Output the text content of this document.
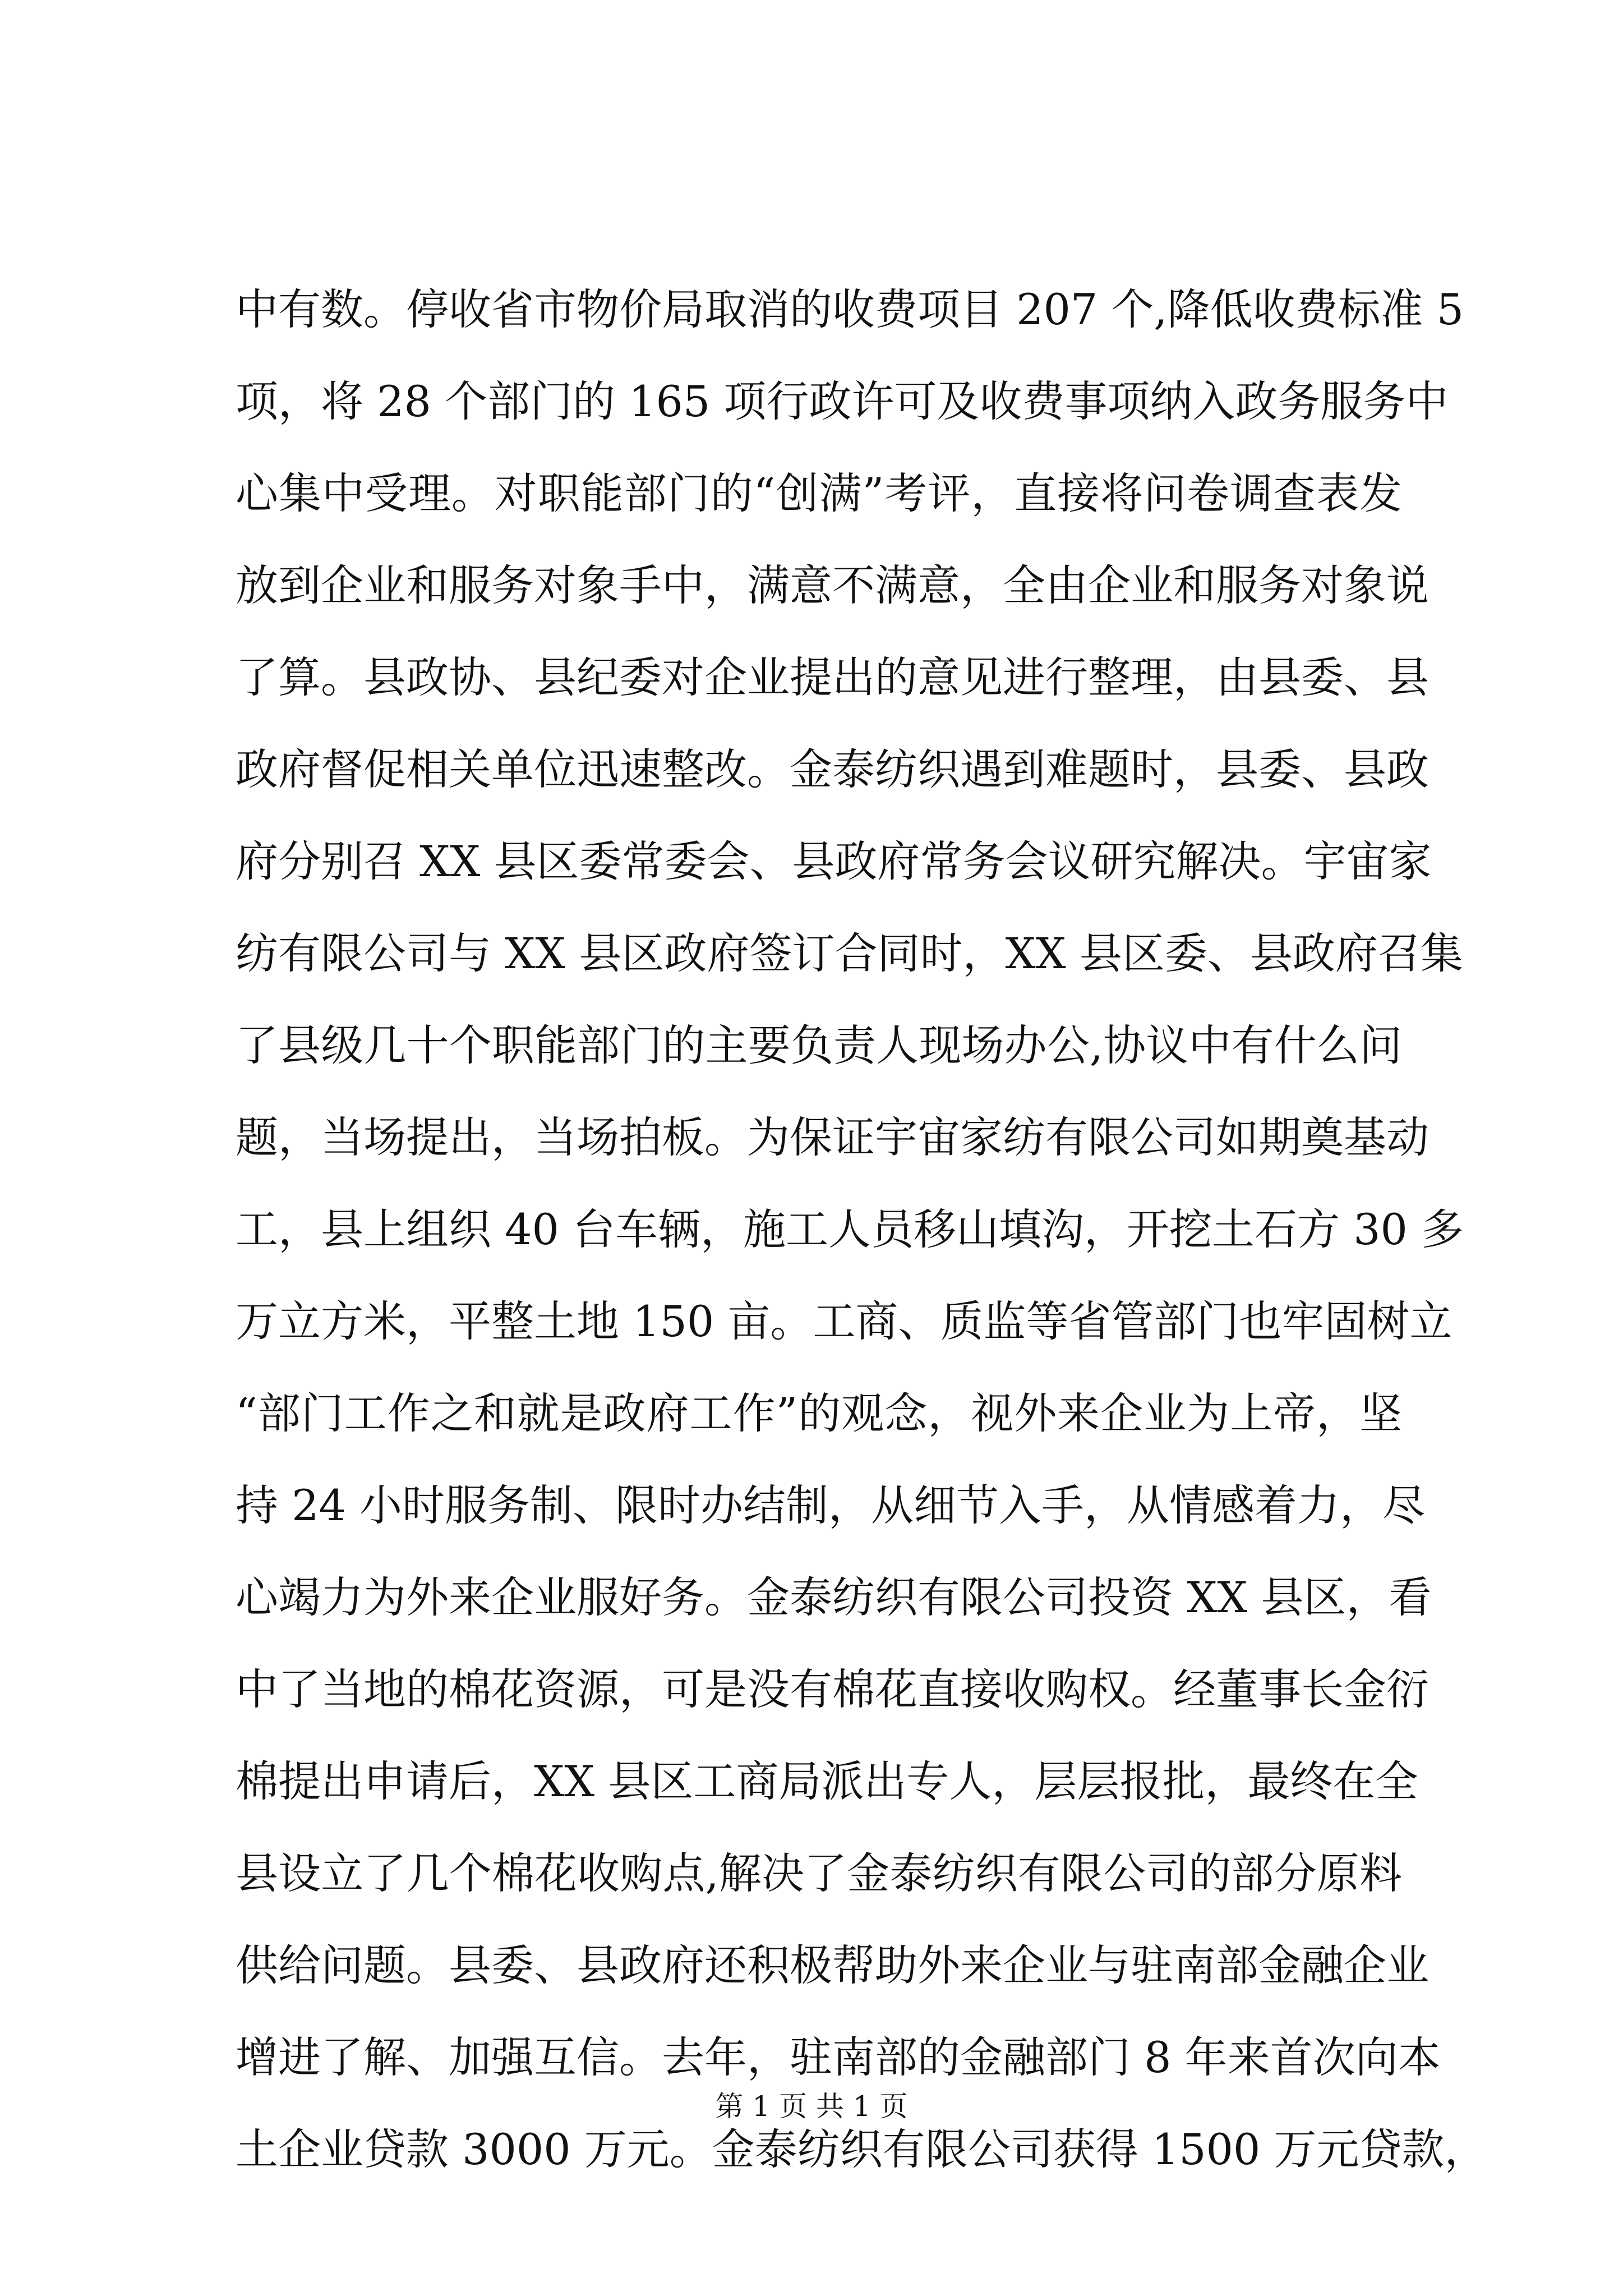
中有数。停收省市物价局取消的收费项目 207 个,降低收费标准 5
项，将 28 个部门的 165 项行政许可及收费事项纳入政务服务中
心集中受理。对职能部门的“创满”考评，直接将问卷调查表发
放到企业和服务对象手中，满意不满意，全由企业和服务对象说
了算。县政协、县纪委对企业提出的意见进行整理，由县委、县
政府督促相关单位迅速整改。金泰纺织遇到难题时，县委、县政
府分别召 XX 县区委常委会、县政府常务会议研究解决。宇宙家
纺有限公司与 XX 县区政府签订合同时，XX 县区委、县政府召集
了县级几十个职能部门的主要负责人现场办公,协议中有什么问
题，当场提出，当场拍板。为保证宇宙家纺有限公司如期奠基动
工，县上组织 40 台车辆，施工人员移山填沟，开挖土石方 30 多
万立方米，平整土地 150 亩。工商、质监等省管部门也牢固树立
“部门工作之和就是政府工作”的观念，视外来企业为上帝，坚
持 24 小时服务制、限时办结制，从细节入手，从情感着力，尽
心竭力为外来企业服好务。金泰纺织有限公司投资 XX 县区，看
中了当地的棉花资源，可是没有棉花直接收购权。经董事长金衍
棉提出申请后，XX 县区工商局派出专人，层层报批，最终在全
县设立了几个棉花收购点,解决了金泰纺织有限公司的部分原料
供给问题。县委、县政府还积极帮助外来企业与驻南部金融企业
增进了解、加强互信。去年，驻南部的金融部门 8 年来首次向本
土企业贷款 3000 万元。金泰纺织有限公司获得 1500 万元贷款，
第 1 页 共 1 页
